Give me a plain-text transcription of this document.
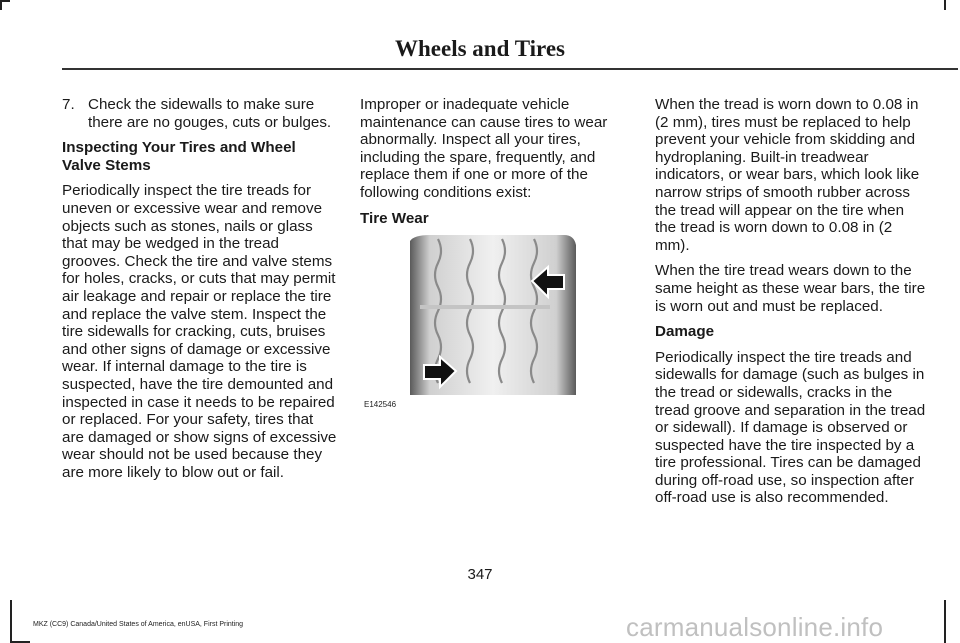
Wheels and Tires
7. Check the sidewalls to make sure there are no gouges, cuts or bulges.

Inspecting Your Tires and Wheel Valve Stems

Periodically inspect the tire treads for uneven or excessive wear and remove objects such as stones, nails or glass that may be wedged in the tread grooves. Check the tire and valve stems for holes, cracks, or cuts that may permit air leakage and repair or replace the tire and replace the valve stem. Inspect the tire sidewalls for cracking, cuts, bruises and other signs of damage or excessive wear. If internal damage to the tire is suspected, have the tire demounted and inspected in case it needs to be repaired or replaced. For your safety, tires that are damaged or show signs of excessive wear should not be used because they are more likely to blow out or fail.

Improper or inadequate vehicle maintenance can cause tires to wear abnormally. Inspect all your tires, including the spare, frequently, and replace them if one or more of the following conditions exist:

Tire Wear

E142546

When the tread is worn down to 0.08 in (2 mm), tires must be replaced to help prevent your vehicle from skidding and hydroplaning. Built-in treadwear indicators, or wear bars, which look like narrow strips of smooth rubber across the tread will appear on the tire when the tread is worn down to 0.08 in (2 mm).

When the tire tread wears down to the same height as these wear bars, the tire is worn out and must be replaced.

Damage

Periodically inspect the tire treads and sidewalls for damage (such as bulges in the tread or sidewalls, cracks in the tread groove and separation in the tread or sidewall). If damage is observed or suspected have the tire inspected by a tire professional. Tires can be damaged during off-road use, so inspection after off-road use is also recommended.

347
MKZ (CC9) Canada/United States of America, enUSA, First Printing	carmanualsonline.info
